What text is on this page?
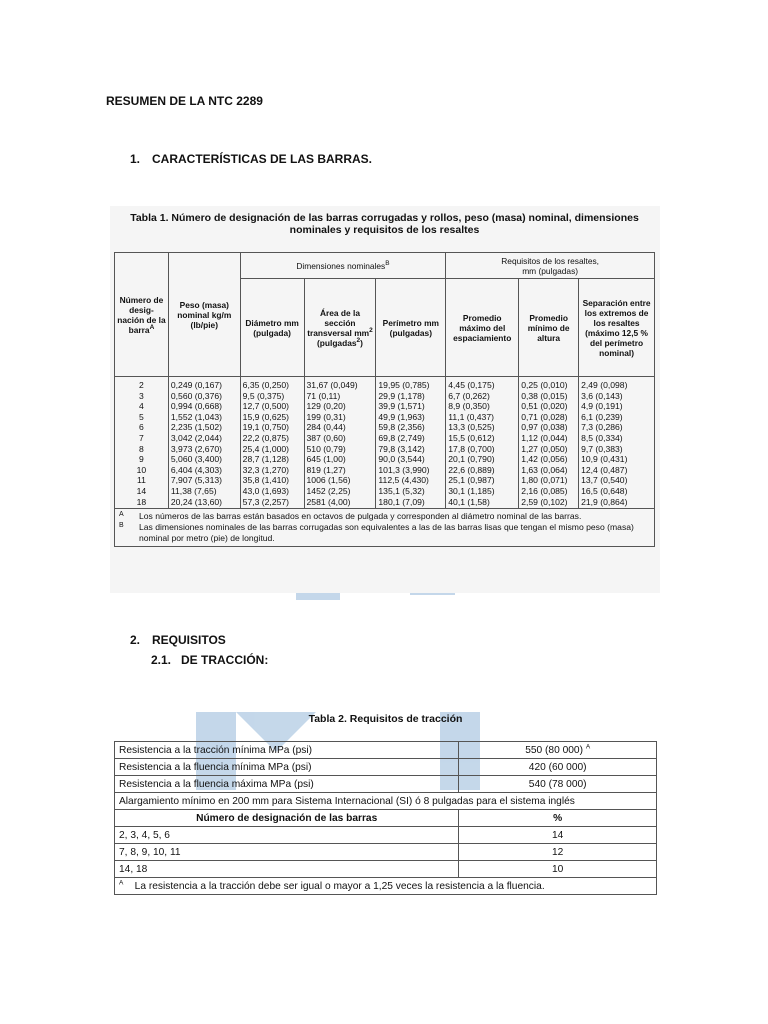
RESUMEN DE LA NTC 2289
1. CARACTERÍSTICAS DE LAS BARRAS.
Tabla 1. Número de designación de las barras corrugadas y rollos, peso (masa) nominal, dimensiones
nominales y requisitos de los resaltes
Número de desig- nación de la barra$^A$	Peso (masa) nominal kg/m (lb/pie)	Dimensiones nominales$^B$			Requisitos de los resaltes,
mm (pulgadas)		

		Diámetro mm (pulgada)	Área de la sección transversal $mm^2$ (pulgadas$^2$)	Perímetro mm (pulgadas)	Promedio máximo del espaciamiento	Promedio mínimo de altura	Separación entre los extremos de los resaltes (máximo 12,5 % del perímetro nominal)
2	0,249 (0,167)	6,35 (0,250)	31,67 (0,049)	19,95 (0,785)	4,45 (0,175)	0,25 (0,010)	2,49 (0,098)
3	0,560 (0,376)	9,5 (0,375)	71 (0,11)	29,9 (1,178)	6,7 (0,262)	0,38 (0,015)	3,6 (0,143)
4	0,994 (0,668)	12,7 (0,500)	129 (0,20)	39,9 (1,571)	8,9 (0,350)	0,51 (0,020)	4,9 (0,191)
5	1,552 (1,043)	15,9 (0,625)	199 (0,31)	49,9 (1,963)	11,1 (0,437)	0,71 (0,028)	6,1 (0,239)
6	2,235 (1,502)	19,1 (0,750)	284 (0,44)	59,8 (2,356)	13,3 (0,525)	0,97 (0,038)	7,3 (0,286)
7	3,042 (2,044)	22,2 (0,875)	387 (0,60)	69,8 (2,749)	15,5 (0,612)	1,12 (0,044)	8,5 (0,334)
8	3,973 (2,670)	25,4 (1,000)	510 (0,79)	79,8 (3,142)	17,8 (0,700)	1,27 (0,050)	9,7 (0,383)
9	5,060 (3,400)	28,7 (1,128)	645 (1,00)	90,0 (3,544)	20,1 (0,790)	1,42 (0,056)	10,9 (0,431)
10	6,404 (4,303)	32,3 (1,270)	819 (1,27)	101,3 (3,990)	22,6 (0,889)	1,63 (0,064)	12,4 (0,487)
11	7,907 (5,313)	35,8 (1,410)	1006 (1,56)	112,5 (4,430)	25,1 (0,987)	1,80 (0,071)	13,7 (0,540)
14	11,38 (7,65)	43,0 (1,693)	1452 (2,25)	135,1 (5,32)	30,1 (1,185)	2,16 (0,085)	16,5 (0,648)
18	20,24 (13,60)	57,3 (2,257)	2581 (4,00)	180,1 (7,09)	40,1 (1,58)	2,59 (0,102)	21,9 (0,864)

A Los números de las barras están basados en octavos de pulgada y corresponden al diámetro nominal de las barras.
B Las dimensiones nominales de las barras corrugadas son equivalentes a las de las barras lisas que tengan el mismo peso (masa) nominal por metro (pie) de longitud.							
2. REQUISITOS
2.1. DE TRACCIÓN:
Tabla 2. Requisitos de tracción
Resistencia a la tracción mínima MPa (psi)	550 (80 000) $^A$
Resistencia a la fluencia mínima MPa (psi)	420 (60 000)
Resistencia a la fluencia máxima MPa (psi)	540 (78 000)
Alargamiento mínimo en 200 mm para Sistema Internacional (SI) ó 8 pulgadas para el sistema inglés	
Número de designación de las barras	%
2, 3, 4, 5, 6	14
7, 8, 9, 10, 11	12
14, 18	10
$^A$ La resistencia a la tracción debe ser igual o mayor a 1,25 veces la resistencia a la fluencia.	
